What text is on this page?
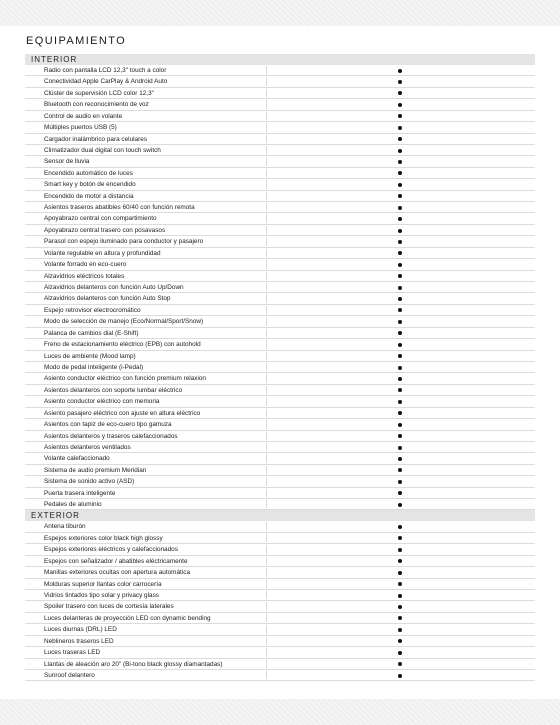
EQUIPAMIENTO
INTERIOR
Radio con pantalla LCD 12,3" touch a color
Conectividad Apple CarPlay & Android Auto
Clúster de supervisión LCD color 12,3"
Bluetooth con reconocimiento de voz
Control de audio en volante
Múltiples puertos USB (5)
Cargador inalámbrico para celulares
Climatizador dual digital con touch switch
Sensor de lluvia
Encendido automático de luces
Smart key y botón de encendido
Encendido de motor a distancia
Asientos traseros abatibles 60/40 con función remota
Apoyabrazo central con compartimiento
Apoyabrazo central trasero con posavasos
Parasol con espejo iluminado para conductor y pasajero
Volante regulable en altura y profundidad
Volante forrado en eco-cuero
Alzavidrios eléctricos totales
Alzavidrios delanteros con función Auto Up/Down
Alzavidrios delanteros con función Auto Stop
Espejo retrovisor electrocromático
Modo de selección de manejo (Eco/Normal/Sport/Snow)
Palanca de cambios dial (E-Shift)
Freno de estacionamiento eléctrico (EPB) con autohold
Luces de ambiente (Mood lamp)
Modo de pedal inteligente (i-Pedal)
Asiento conductor eléctrico con función premium relaxion
Asientos delanteros con soporte lumbar eléctrico
Asiento conductor eléctrico con memoria
Asiento pasajero eléctrico con ajuste en altura eléctrico
Asientos con tapiz de eco-cuero tipo gamuza
Asientos delanteros y traseros calefaccionados
Asientos delanteros ventilados
Volante calefaccionado
Sistema de audio premium Meridian
Sistema de sonido activo (ASD)
Puerta trasera inteligente
Pedales de aluminio
EXTERIOR
Antena tiburón
Espejos exteriores color black high glossy
Espejos exteriores eléctricos y calefaccionados
Espejos con señalizador / abatibles eléctricamente
Manillas exteriores ocultas con apertura automática
Molduras superior llantas color carrocería
Vidrios tintados tipo solar y privacy glass
Spoiler trasero con luces de cortesía laterales
Luces delanteras de proyección LED con dynamic bending
Luces diurnas (DRL) LED
Neblineros traseros LED
Luces traseras LED
Llantas de aleación aro 20" (Bi-tono black glossy diamantadas)
Sunroof delantero
